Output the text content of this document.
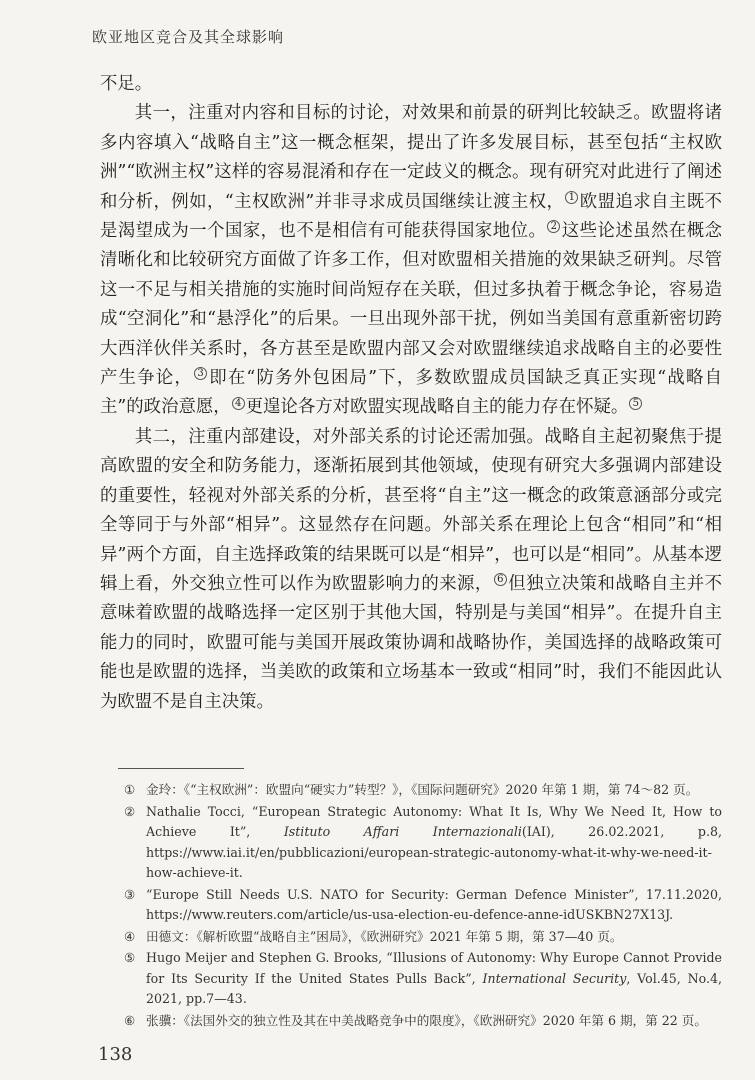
欧亚地区竞合及其全球影响

不足。

其一，注重对内容和目标的讨论，对效果和前景的研判比较缺乏。欧盟将诸多内容填入“战略自主”这一概念框架，提出了许多发展目标，甚至包括“主权欧洲”“欧洲主权”这样的容易混淆和存在一定歧义的概念。现有研究对此进行了阐述和分析，例如，“主权欧洲”并非寻求成员国继续让渡主权， $^1$ 欧盟追求自主既不是渴望成为一个国家，也不是相信有可能获得国家地位。 $^2$ 这些论述虽然在概念清晰化和比较研究方面做了许多工作，但对欧盟相关措施的效果缺乏研判。尽管这一不足与相关措施的实施时间尚短存在关联，但过多执着于概念争论，容易造成“空洞化”和“悬浮化”的后果。一旦出现外部干扰，例如当美国有意重新密切跨大西洋伙伴关系时，各方甚至是欧盟内部又会对欧盟继续追求战略自主的必要性产生争论， $^3$ 即在“防务外包困局”下，多数欧盟成员国缺乏真正实现“战略自主”的政治意愿， $^4$ 更遑论各方对欧盟实现战略自主的能力存在怀疑。 $^5$

其二，注重内部建设，对外部关系的讨论还需加强。战略自主起初聚焦于提高欧盟的安全和防务能力，逐渐拓展到其他领域，使现有研究大多强调内部建设的重要性，轻视对外部关系的分析，甚至将“自主”这一概念的政策意涵部分或完全等同于与外部“相异”。这显然存在问题。外部关系在理论上包含“相同”和“相异”两个方面，自主选择政策的结果既可以是“相异”，也可以是“相同”。从基本逻辑上看，外交独立性可以作为欧盟影响力的来源， $^6$ 但独立决策和战略自主并不意味着欧盟的战略选择一定区别于其他大国，特别是与美国“相异”。在提升自主能力的同时，欧盟可能与美国开展政策协调和战略协作，美国选择的战略政策可能也是欧盟的选择，当美欧的政策和立场基本一致或“相同”时，我们不能因此认为欧盟不是自主决策。

① 金玲：《“主权欧洲”：欧盟向“硬实力”转型？》，《国际问题研究》2020 年第 1 期，第 74～82 页。
② Nathalie Tocci, “European Strategic Autonomy: What It Is, Why We Need It, How to Achieve It”, Istituto Affari Internazionali(IAI), 26.02.2021, p.8, https://www.iai.it/en/pubblicazioni/european-strategic-autonomy-what-it-why-we-need-it-how-achieve-it.
③ “Europe Still Needs U.S. NATO for Security: German Defence Minister”, 17.11.2020, https://www.reuters.com/article/us-usa-election-eu-defence-anne-idUSKBN27X13J.
④ 田德文：《解析欧盟“战略自主”困局》，《欧洲研究》2021 年第 5 期，第 37—40 页。
⑤ Hugo Meijer and Stephen G. Brooks, “Illusions of Autonomy: Why Europe Cannot Provide for Its Security If the United States Pulls Back”, International Security, Vol.45, No.4, 2021, pp.7—43.
⑥ 张骥：《法国外交的独立性及其在中美战略竞争中的限度》，《欧洲研究》2020 年第 6 期，第 22 页。
138
